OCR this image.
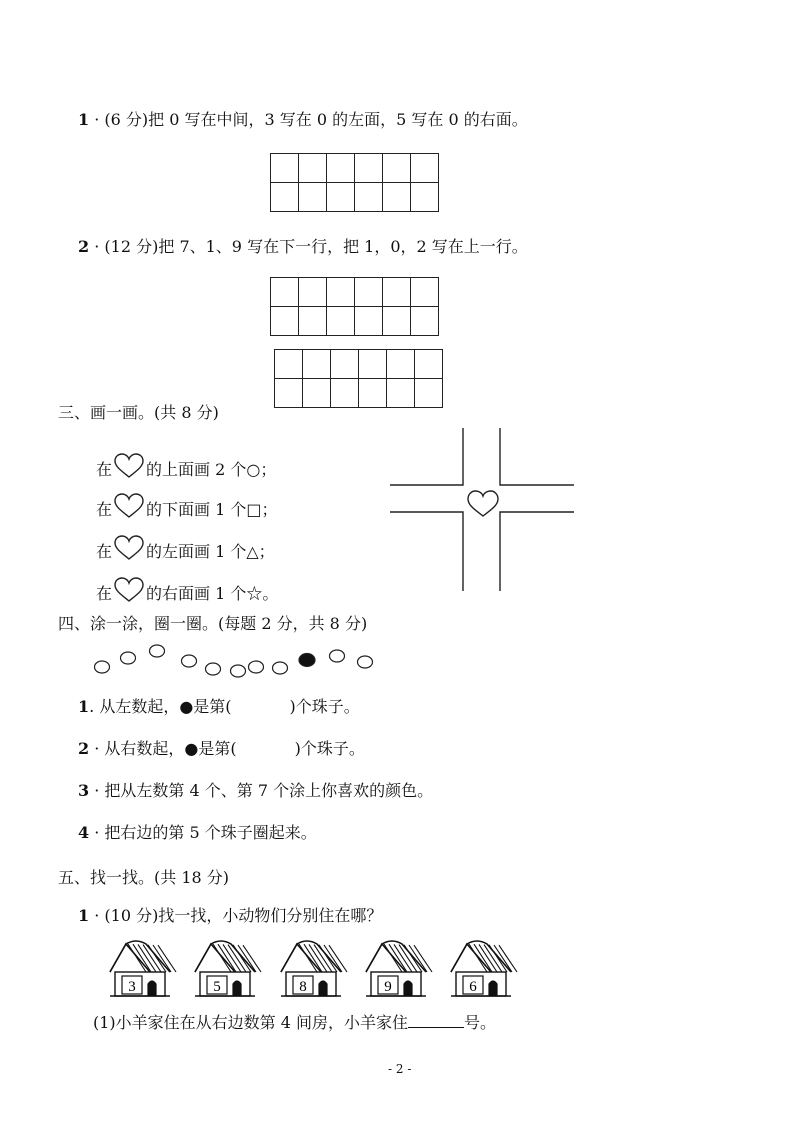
1 · (6 分)把 0 写在中间，3 写在 0 的左面，5 写在 0 的右面。

2 · (12 分)把 7、1、9 写在下一行，把 1，0，2 写在上一行。

三、画一画。(共 8 分)
在 的上面画 2 个○；
在 的下面画 1 个□；
在 的左面画 1 个△；
在 的右面画 1 个☆。
四、涂一涂，圈一圈。(每题 2 分，共 8 分)
1. 从左数起，●是第(	)个珠子。
2 · 从右数起，●是第(	)个珠子。
3 · 把从左数第 4 个、第 7 个涂上你喜欢的颜色。
4 · 把右边的第 5 个珠子圈起来。
五、找一找。(共 18 分)
1 · (10 分)找一找，小动物们分别住在哪？
3	5	8	9	6
(1)小羊家住在从右边数第 4 间房，小羊家住	号。
- 2 -
